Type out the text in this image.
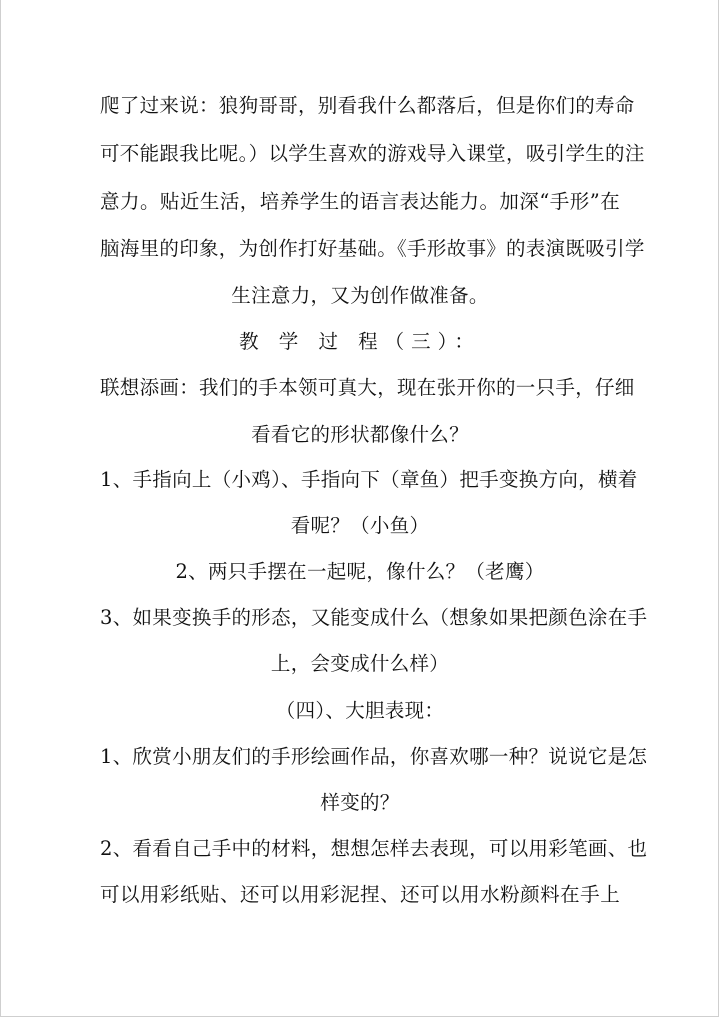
爬了过来说：狼狗哥哥，别看我什么都落后，但是你们的寿命
可不能跟我比呢。）以学生喜欢的游戏导入课堂，吸引学生的注
意力。贴近生活，培养学生的语言表达能力。加深“手形”在
脑海里的印象，为创作打好基础。《手形故事》的表演既吸引学
生注意力，又为创作做准备。
教 学 过 程（三）：
联想添画：我们的手本领可真大，现在张开你的一只手，仔细
看看它的形状都像什么？
1、手指向上（小鸡）、手指向下（章鱼）把手变换方向，横着
看呢？（小鱼）
2、两只手摆在一起呢，像什么？（老鹰）
3、如果变换手的形态，又能变成什么（想象如果把颜色涂在手
上，会变成什么样）
（四）、大胆表现：
1、欣赏小朋友们的手形绘画作品，你喜欢哪一种？说说它是怎
样变的？
2、看看自己手中的材料，想想怎样去表现，可以用彩笔画、也
可以用彩纸贴、还可以用彩泥捏、还可以用水粉颜料在手上
